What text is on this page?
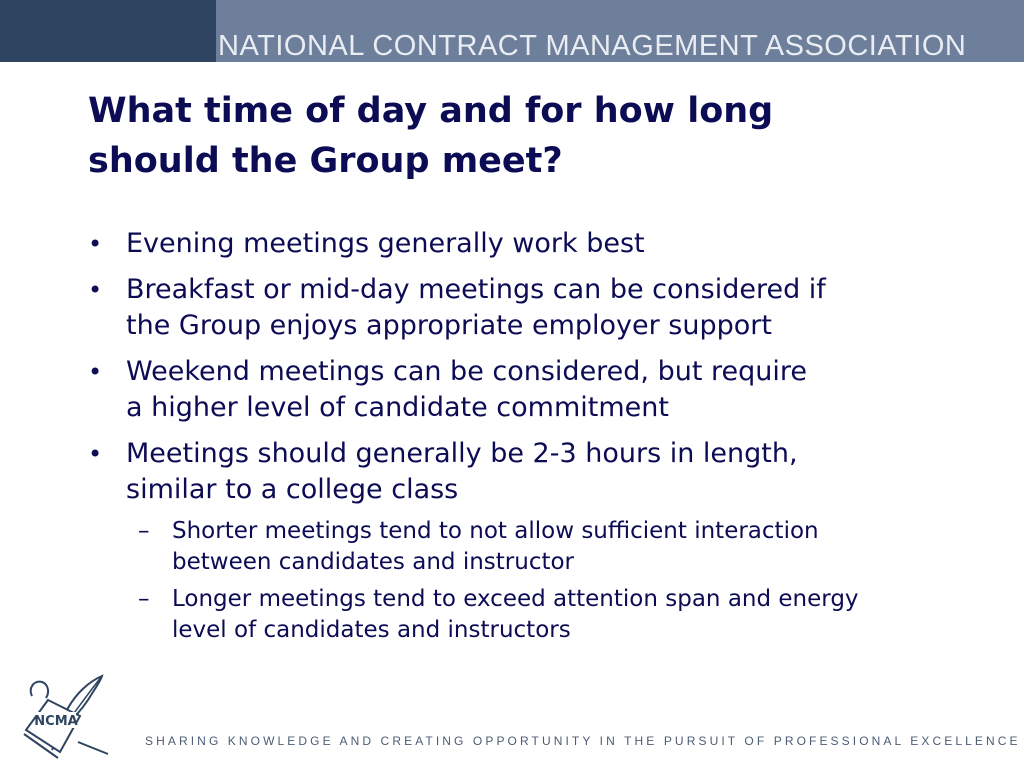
NATIONAL CONTRACT MANAGEMENT ASSOCIATION
What time of day and for how long
should the Group meet?
• Evening meetings generally work best
• Breakfast or mid-day meetings can be considered if
the Group enjoys appropriate employer support
• Weekend meetings can be considered, but require
a higher level of candidate commitment
• Meetings should generally be 2-3 hours in length,
similar to a college class
– Shorter meetings tend to not allow sufficient interaction
between candidates and instructor
– Longer meetings tend to exceed attention span and energy
level of candidates and instructors
NCMA
SHARING KNOWLEDGE AND CREATING OPPORTUNITY IN THE PURSUIT OF PROFESSIONAL EXCELLENCE
